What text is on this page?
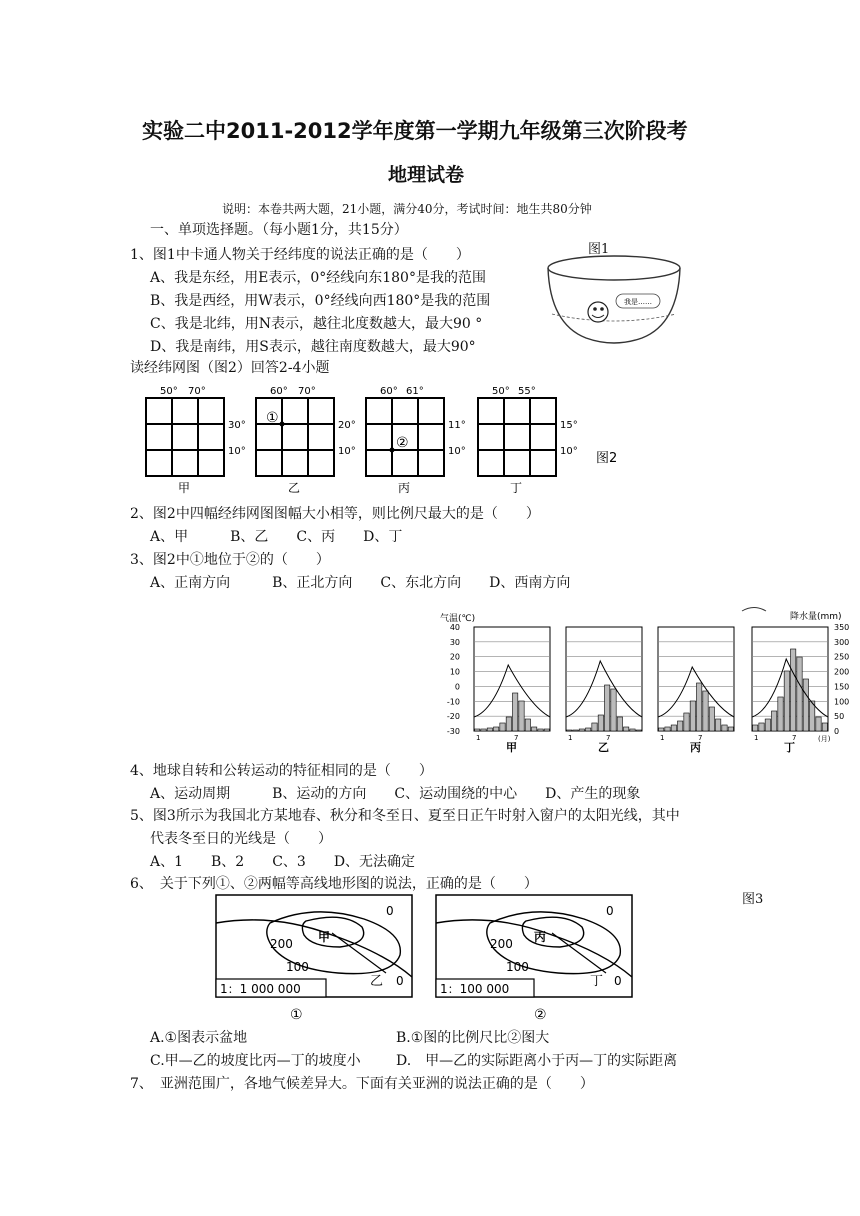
实验二中2011-2012学年度第一学期九年级第三次阶段考
地理试卷
说明：本卷共两大题，21小题，满分40分，考试时间：地生共80分钟
一、单项选择题。（每小题1分，共15分）
1、图1中卡通人物关于经纬度的说法正确的是（　　）
A、我是东经，用E表示，0°经线向东180°是我的范围
B、我是西经，用W表示，0°经线向西180°是我的范围
C、我是北纬，用N表示，越往北度数越大，最大90 °
D、我是南纬，用S表示，越往南度数越大，最大90°
图1
我是……
读经纬网图（图2）回答2-4小题
50° 70°
30°
10°
甲
60° 70°
①	20°
10°
乙
60° 61°
②
11°
10°
丙
50° 55°
15°
10°
丁
图2
2、图2中四幅经纬网图图幅大小相等，则比例尺最大的是（　　）
A、甲　　　B、乙　　C、丙　　D、丁
3、图2中①地位于②的（　　）
A、正南方向　　　B、正北方向　　C、东北方向　　D、西南方向
气温(℃)	降水量(mm)
40
30
20
10
0
-10
-20
-30
350
300
250
200
150
100
50
0
1	7
甲
1	7
乙
1	7
丙
1	7
丁
(月)
4、地球自转和公转运动的特征相同的是（　　）
A、运动周期　　　B、运动的方向　　C、运动围绕的中心　　D、产生的现象
5、图3所示为我国北方某地春、秋分和冬至日、夏至日正午时射入窗户的太阳光线，其中
代表冬至日的光线是（　　）
A、1　　B、2　　C、3　　D、无法确定
6、　关于下列①、②两幅等高线地形图的说法，正确的是（　　）
图3
0
200 甲
100
乙 0
1：1 000 000
①
0
200 丙
100
丁 0
1：100 000
②
A.①图表示盆地	B.①图的比例尺比②图大
C.甲—乙的坡度比丙—丁的坡度小	D.　甲—乙的实际距离小于丙—丁的实际距离
7、　亚洲范围广，各地气候差异大。下面有关亚洲的说法正确的是（　　）
